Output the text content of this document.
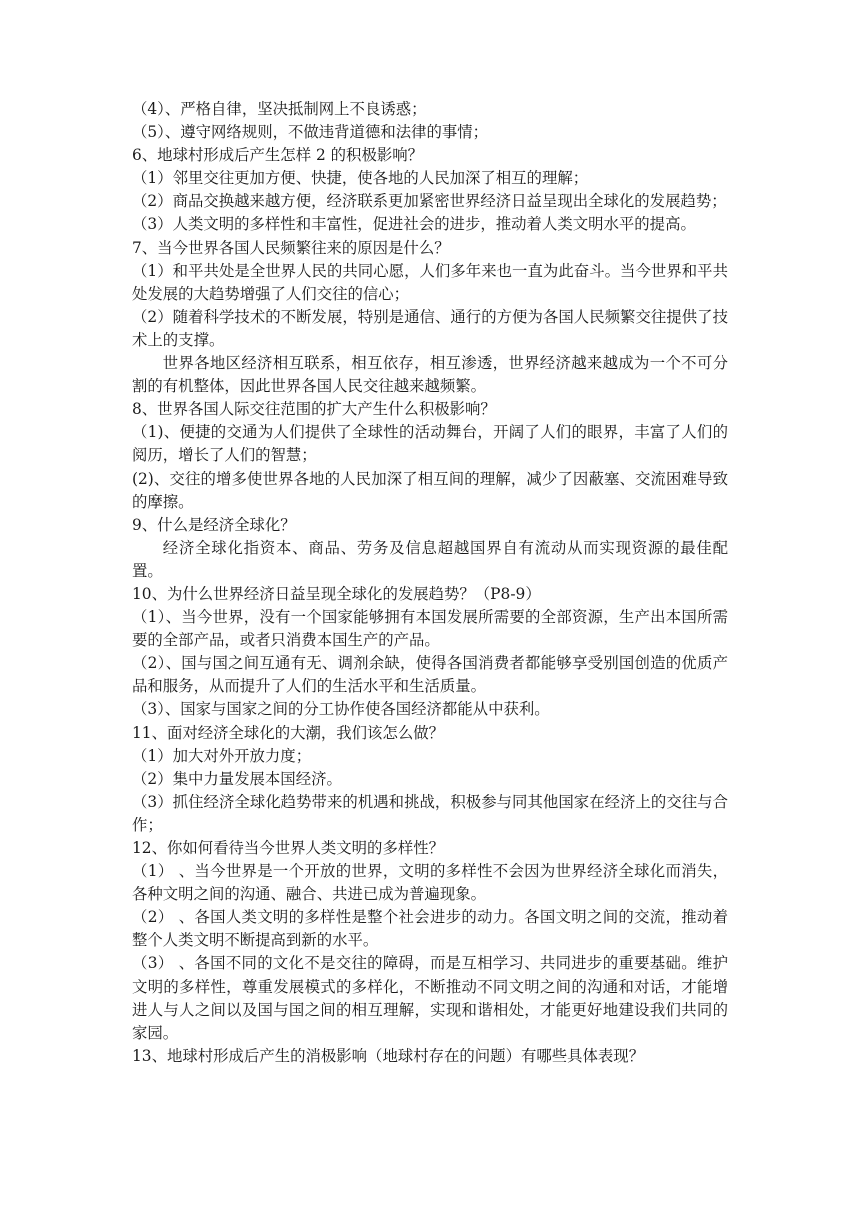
（4）、严格自律，坚决抵制网上不良诱惑；

（5）、遵守网络规则，不做违背道德和法律的事情；

6、地球村形成后产生怎样 2 的积极影响？

（1）邻里交往更加方便、快捷，使各地的人民加深了相互的理解；

（2）商品交换越来越方便，经济联系更加紧密世界经济日益呈现出全球化的发展趋势；

（3）人类文明的多样性和丰富性，促进社会的进步，推动着人类文明水平的提高。

7、当今世界各国人民频繁往来的原因是什么？

（1）和平共处是全世界人民的共同心愿，人们多年来也一直为此奋斗。当今世界和平共处发展的大趋势增强了人们交往的信心；

（2）随着科学技术的不断发展，特别是通信、通行的方便为各国人民频繁交往提供了技术上的支撑。

世界各地区经济相互联系，相互依存，相互渗透，世界经济越来越成为一个不可分割的有机整体，因此世界各国人民交往越来越频繁。

8、世界各国人际交往范围的扩大产生什么积极影响？

（1)、便捷的交通为人们提供了全球性的活动舞台，开阔了人们的眼界，丰富了人们的阅历，增长了人们的智慧；

(2)、交往的增多使世界各地的人民加深了相互间的理解，减少了因蔽塞、交流困难导致的摩擦。

9、什么是经济全球化？

经济全球化指资本、商品、劳务及信息超越国界自有流动从而实现资源的最佳配置。

10、为什么世界经济日益呈现全球化的发展趋势？（P8-9）

（1）、当今世界，没有一个国家能够拥有本国发展所需要的全部资源，生产出本国所需要的全部产品，或者只消费本国生产的产品。

（2）、国与国之间互通有无、调剂余缺，使得各国消费者都能够享受别国创造的优质产品和服务，从而提升了人们的生活水平和生活质量。

（3）、国家与国家之间的分工协作使各国经济都能从中获利。

11、面对经济全球化的大潮，我们该怎么做？

（1）加大对外开放力度；

（2）集中力量发展本国经济。

（3）抓住经济全球化趋势带来的机遇和挑战，积极参与同其他国家在经济上的交往与合作；

12、你如何看待当今世界人类文明的多样性？

（1） 、当今世界是一个开放的世界，文明的多样性不会因为世界经济全球化而消失，各种文明之间的沟通、融合、共进已成为普遍现象。

（2） 、各国人类文明的多样性是整个社会进步的动力。各国文明之间的交流，推动着整个人类文明不断提高到新的水平。

（3） 、各国不同的文化不是交往的障碍，而是互相学习、共同进步的重要基础。维护文明的多样性，尊重发展模式的多样化，不断推动不同文明之间的沟通和对话，才能增进人与人之间以及国与国之间的相互理解，实现和谐相处，才能更好地建设我们共同的家园。

13、地球村形成后产生的消极影响（地球村存在的问题）有哪些具体表现？
